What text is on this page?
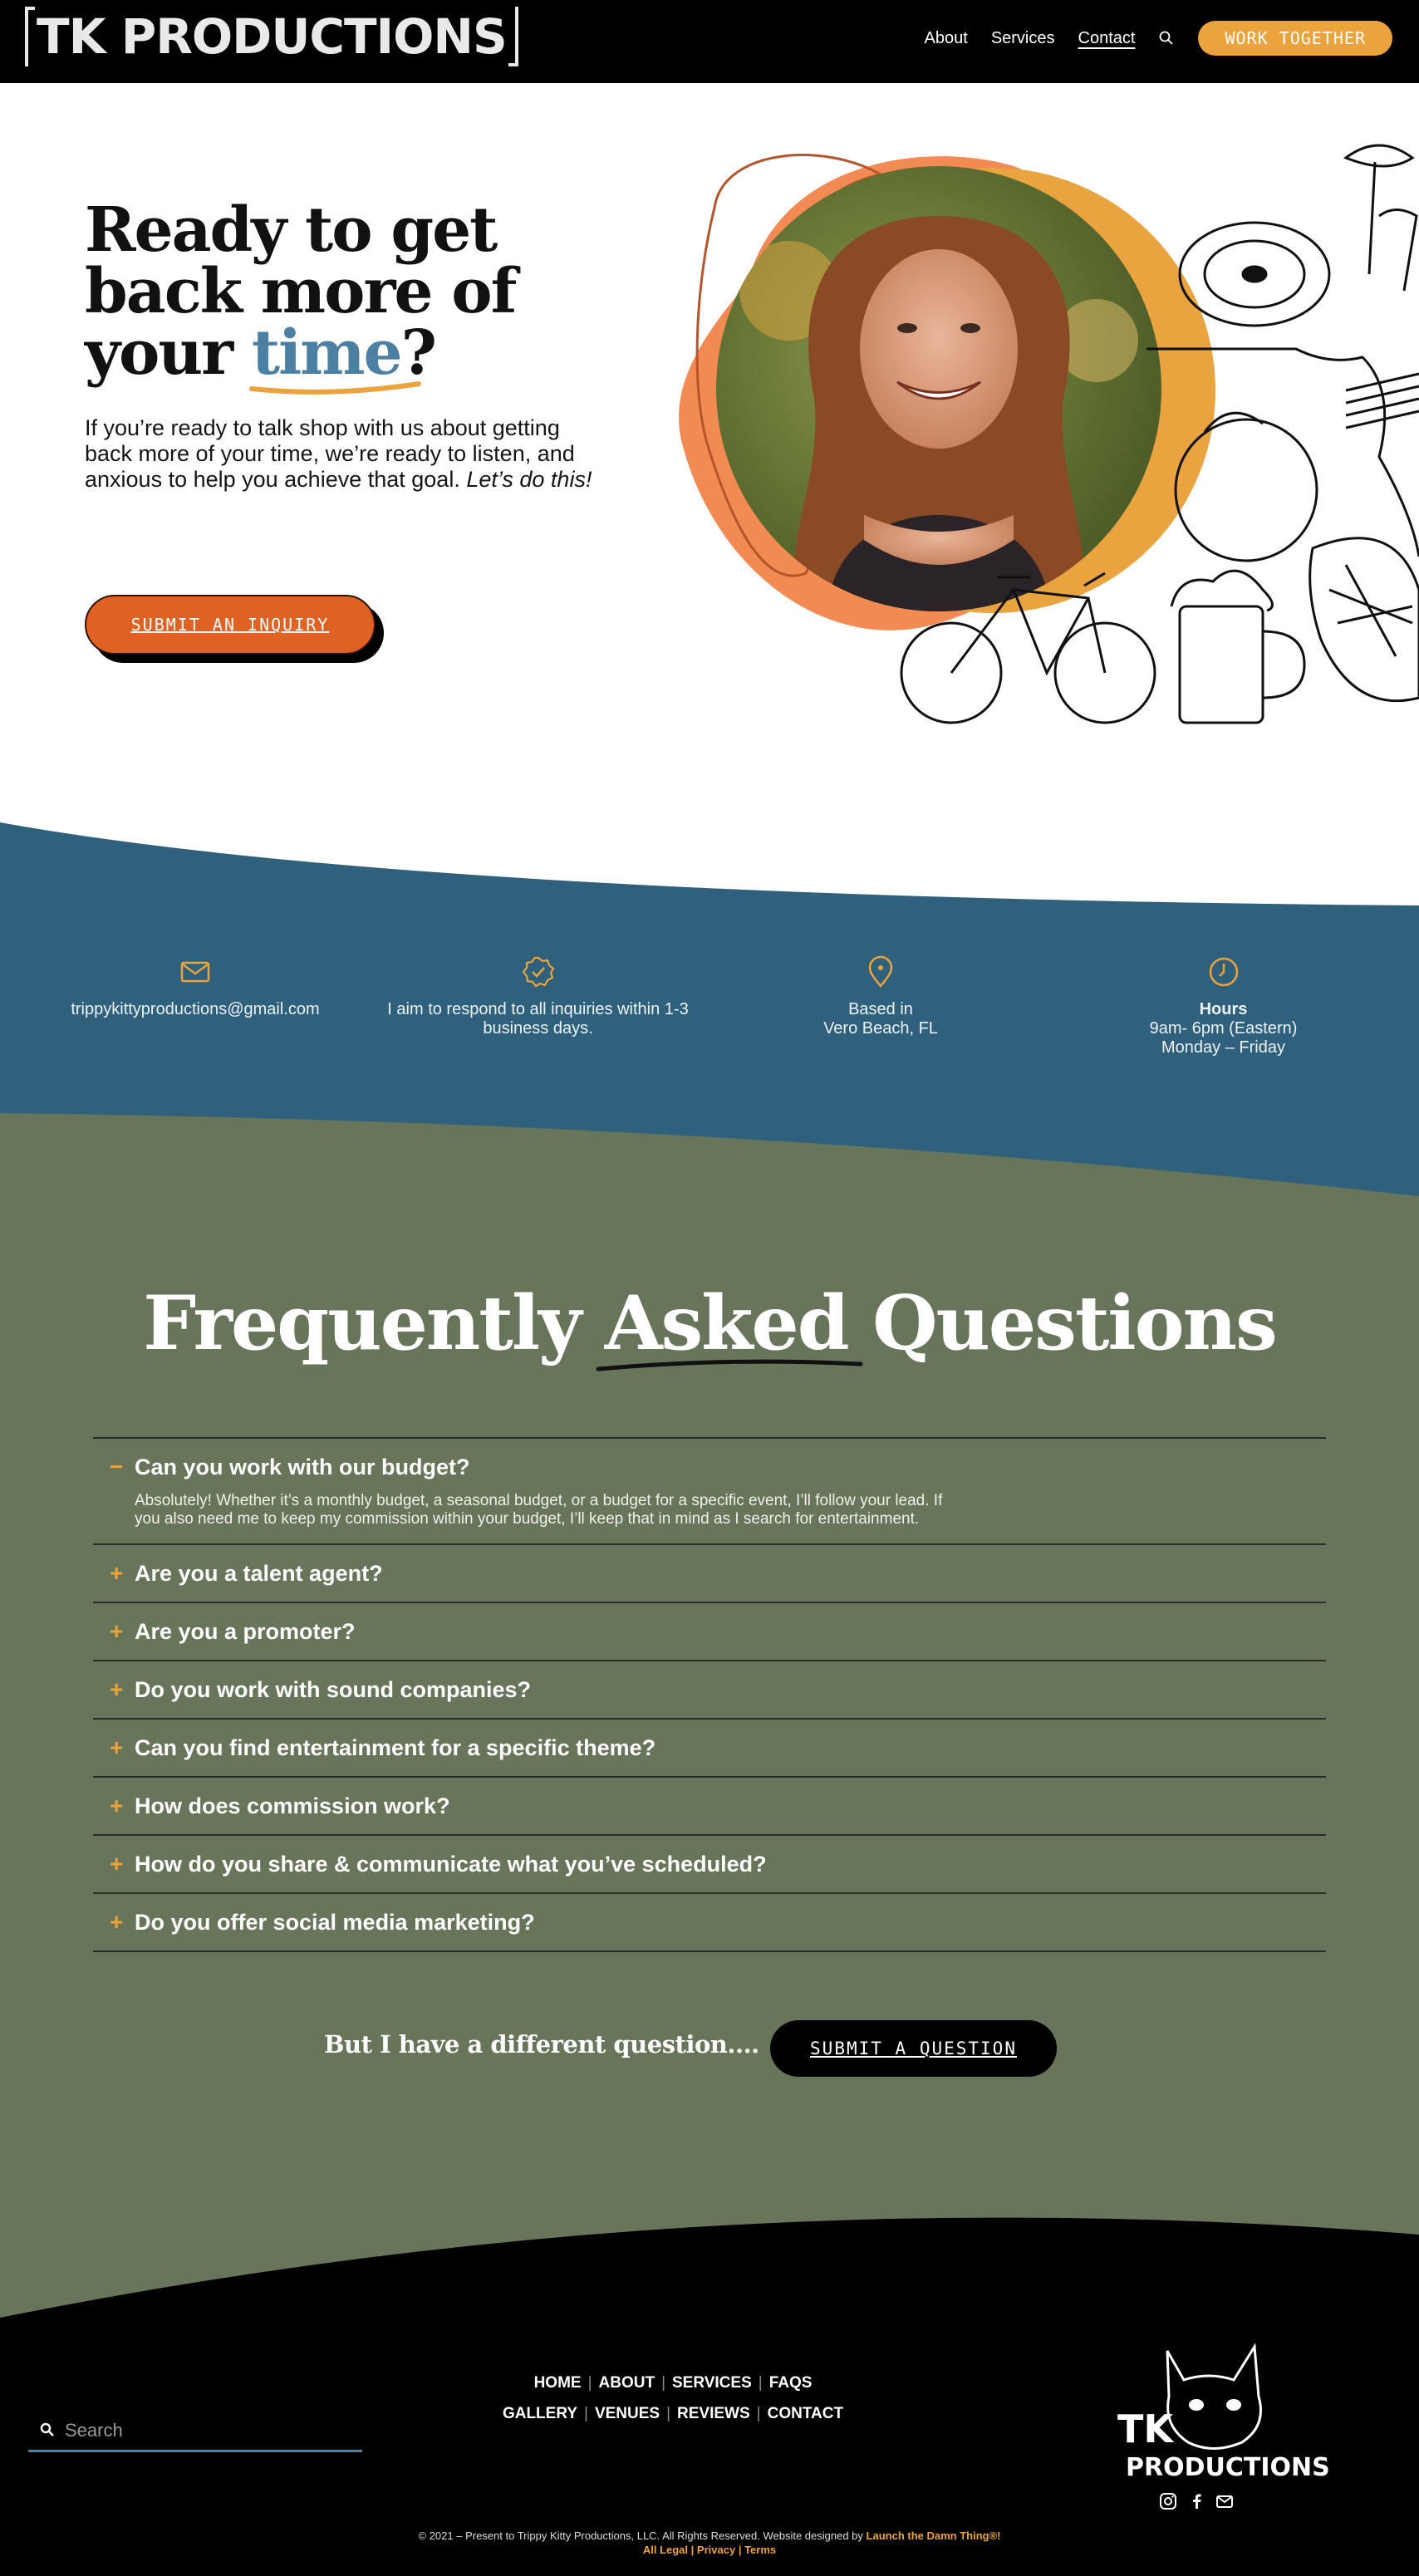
TK PRODUCTIONS	About Services Contact	WORK TOGETHER
Ready to get
back more of
your time
?

If you’re ready to talk shop with us about getting back more of your time, we’re ready to listen, and anxious to help you achieve that goal. Let’s do this!

SUBMIT AN INQUIRY
trippykittyproductions@gmail.com	I aim to respond to all inquiries within 1-3 business days.
Based in
Vero Beach, FL
Hours
9am- 6pm (Eastern)
Monday – Friday
Frequently Asked Questions
− Can you work with our budget?
Absolutely! Whether it’s a monthly budget, a seasonal budget, or a budget for a specific event, I’ll follow your lead. If you also need me to keep my commission within your budget, I’ll keep that in mind as I search for entertainment.
+ Are you a talent agent?
+ Are you a promoter?
+ Do you work with sound companies?
+ Can you find entertainment for a specific theme?
+ How does commission work?
+ How do you share & communicate what you’ve scheduled?
+ Do you offer social media marketing?
But I have a different question....	SUBMIT A QUESTION
Search
HOME | ABOUT | SERVICES | FAQS
GALLERY | VENUES | REVIEWS | CONTACT	TK
PRODUCTIONS
© 2021 – Present to Trippy Kitty Productions, LLC. All Rights Reserved. Website designed by Launch the Damn Thing®!
All Legal | Privacy | Terms
